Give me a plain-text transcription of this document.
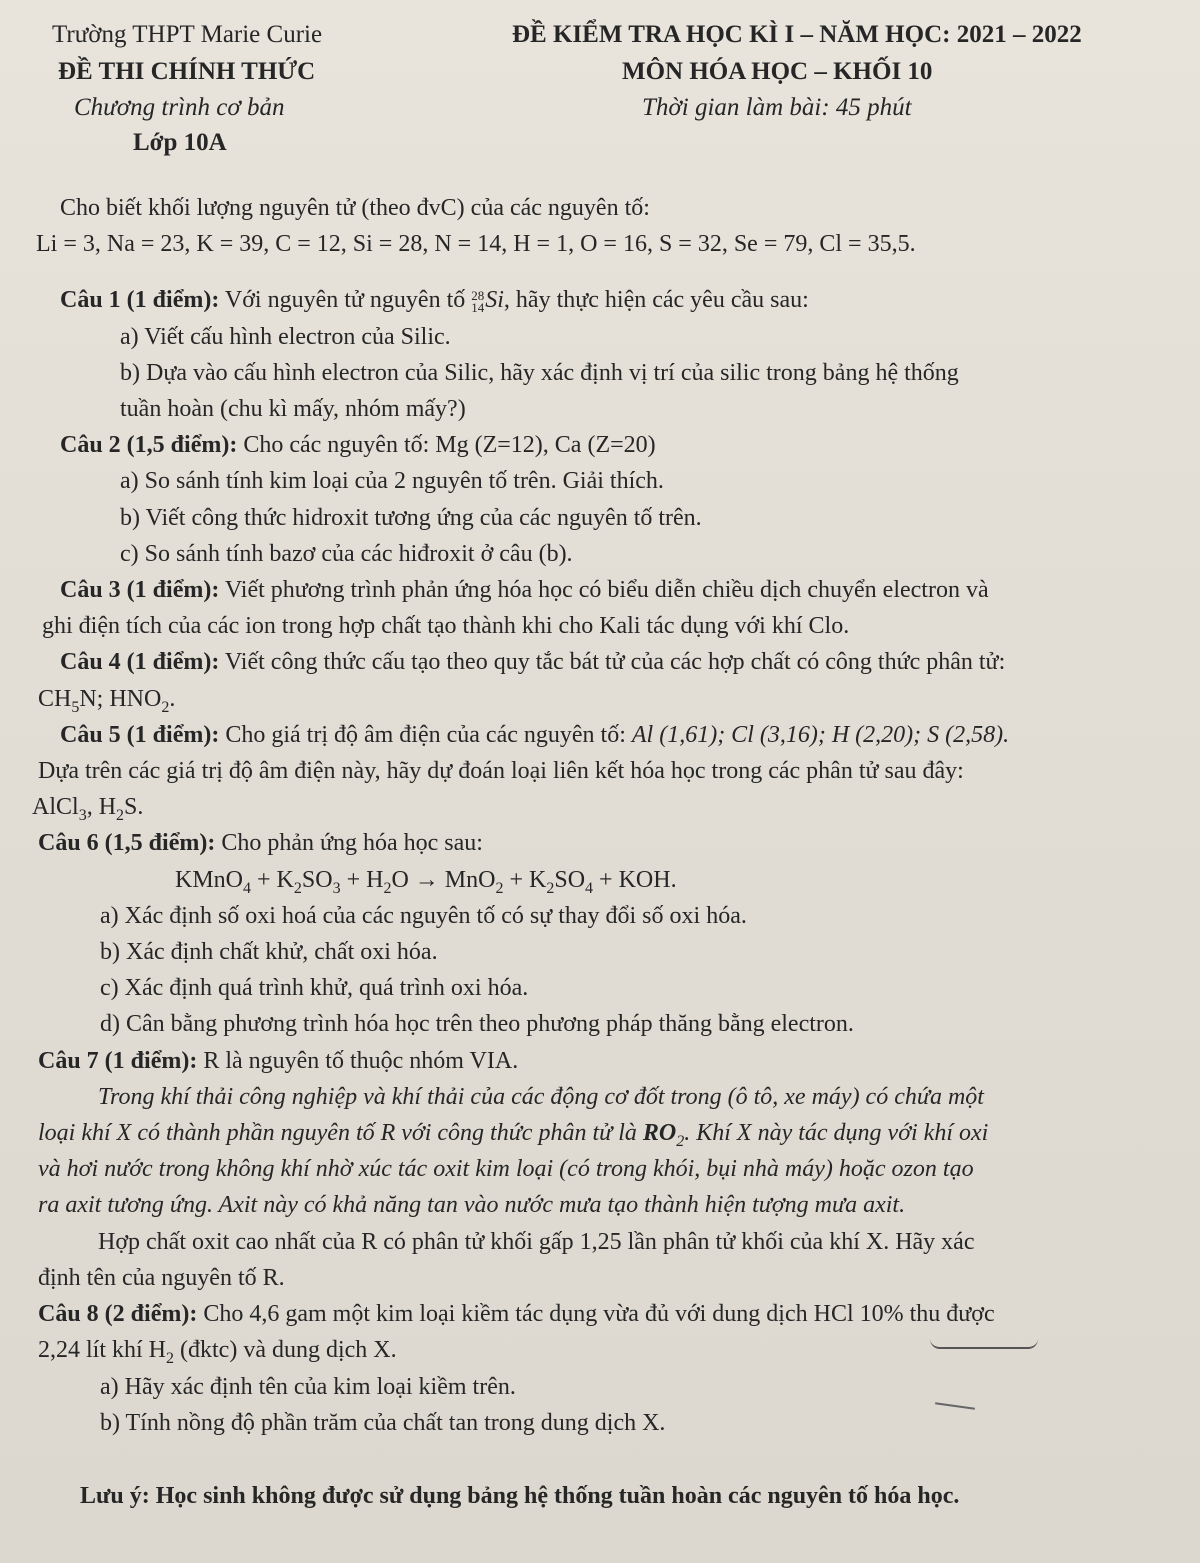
Trường THPT Marie Curie
ĐỀ THI CHÍNH THỨC
Chương trình cơ bản
Lớp 10A
ĐỀ KIỂM TRA HỌC KÌ I – NĂM HỌC: 2021 – 2022
MÔN HÓA HỌC – KHỐI 10
Thời gian làm bài: 45 phút
Cho biết khối lượng nguyên tử (theo đvC) của các nguyên tố:
Li = 3, Na = 23, K = 39, C = 12, Si = 28, N = 14, H = 1, O = 16, S = 32, Se = 79, Cl = 35,5.
Câu 1 (1 điểm): Với nguyên tử nguyên tố 28
14Si, hãy thực hiện các yêu cầu sau:
a) Viết cấu hình electron của Silic.
b) Dựa vào cấu hình electron của Silic, hãy xác định vị trí của silic trong bảng hệ thống
tuần hoàn (chu kì mấy, nhóm mấy?)
Câu 2 (1,5 điểm): Cho các nguyên tố: Mg (Z=12), Ca (Z=20)
a) So sánh tính kim loại của 2 nguyên tố trên. Giải thích.
b) Viết công thức hidroxit tương ứng của các nguyên tố trên.
c) So sánh tính bazơ của các hiđroxit ở câu (b).
Câu 3 (1 điểm): Viết phương trình phản ứng hóa học có biểu diễn chiều dịch chuyển electron và
ghi điện tích của các ion trong hợp chất tạo thành khi cho Kali tác dụng với khí Clo.
Câu 4 (1 điểm): Viết công thức cấu tạo theo quy tắc bát tử của các hợp chất có công thức phân tử:
$CH_5N$; $HNO_2$.
Câu 5 (1 điểm): Cho giá trị độ âm điện của các nguyên tố: Al (1,61); Cl (3,16); H (2,20); S (2,58).
Dựa trên các giá trị độ âm điện này, hãy dự đoán loại liên kết hóa học trong các phân tử sau đây:
AlCl$_3$, $H_2S$.
Câu 6 (1,5 điểm): Cho phản ứng hóa học sau:
KMnO$_4$ + $K_2SO_3 + H_2O \to MnO_2 + K_2SO_4$ + KOH.
a) Xác định số oxi hoá của các nguyên tố có sự thay đổi số oxi hóa.
b) Xác định chất khử, chất oxi hóa.
c) Xác định quá trình khử, quá trình oxi hóa.
d) Cân bằng phương trình hóa học trên theo phương pháp thăng bằng electron.
Câu 7 (1 điểm): R là nguyên tố thuộc nhóm VIA.
Trong khí thải công nghiệp và khí thải của các động cơ đốt trong (ô tô, xe máy) có chứa một
loại khí X có thành phần nguyên tố R với công thức phân tử là $RO_2$. Khí X này tác dụng với khí oxi
và hơi nước trong không khí nhờ xúc tác oxit kim loại (có trong khói, bụi nhà máy) hoặc ozon tạo
ra axit tương ứng. Axit này có khả năng tan vào nước mưa tạo thành hiện tượng mưa axit.
Hợp chất oxit cao nhất của R có phân tử khối gấp 1,25 lần phân tử khối của khí X. Hãy xác
định tên của nguyên tố R.
Câu 8 (2 điểm): Cho 4,6 gam một kim loại kiềm tác dụng vừa đủ với dung dịch HCl 10% thu được
2,24 lít khí $H_2$ (đktc) và dung dịch X.
a) Hãy xác định tên của kim loại kiềm trên.
b) Tính nồng độ phần trăm của chất tan trong dung dịch X.
Lưu ý: Học sinh không được sử dụng bảng hệ thống tuần hoàn các nguyên tố hóa học.
